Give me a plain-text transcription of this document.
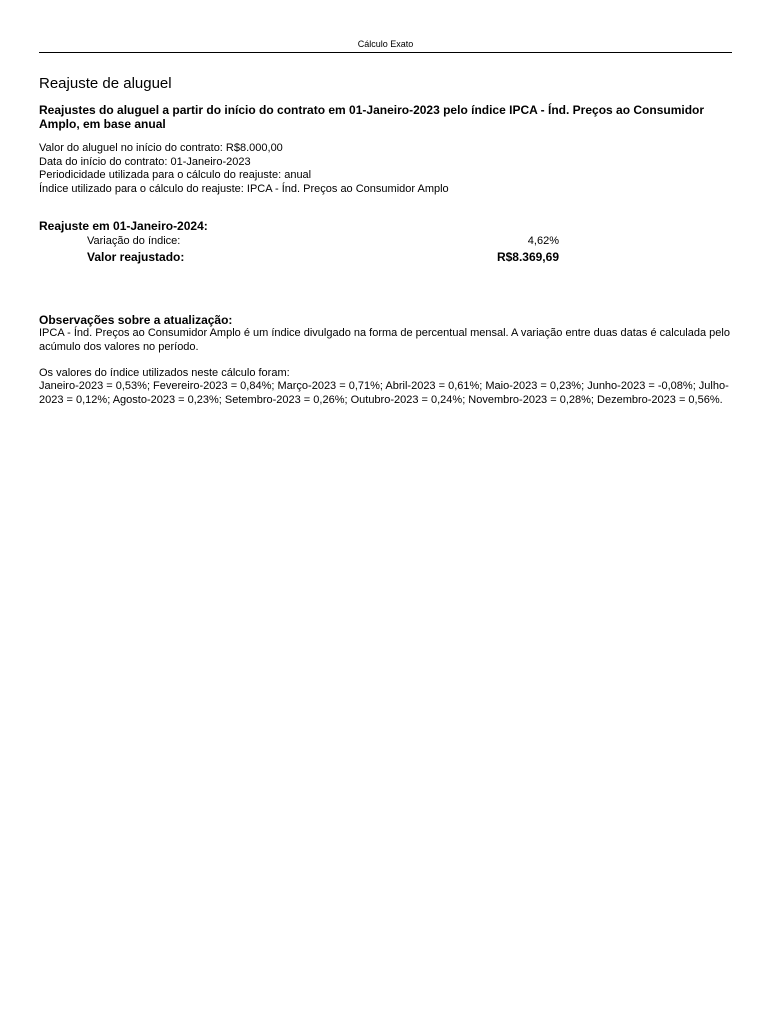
Cálculo Exato
Reajuste de aluguel
Reajustes do aluguel a partir do início do contrato em 01-Janeiro-2023 pelo índice IPCA - Índ. Preços ao Consumidor Amplo, em base anual
Valor do aluguel no início do contrato: R$8.000,00
Data do início do contrato: 01-Janeiro-2023
Periodicidade utilizada para o cálculo do reajuste: anual
Índice utilizado para o cálculo do reajuste: IPCA - Índ. Preços ao Consumidor Amplo
Reajuste em 01-Janeiro-2024:
Variação do índice:	4,62%
Valor reajustado:	R$8.369,69
Observações sobre a atualização:

IPCA - Índ. Preços ao Consumidor Amplo é um índice divulgado na forma de percentual mensal. A variação entre duas datas é calculada pelo acúmulo dos valores no período.

Os valores do índice utilizados neste cálculo foram:

Janeiro-2023 = 0,53%; Fevereiro-2023 = 0,84%; Março-2023 = 0,71%; Abril-2023 = 0,61%; Maio-2023 = 0,23%; Junho-2023 = -0,08%; Julho-2023 = 0,12%; Agosto-2023 = 0,23%; Setembro-2023 = 0,26%; Outubro-2023 = 0,24%; Novembro-2023 = 0,28%; Dezembro-2023 = 0,56%.
